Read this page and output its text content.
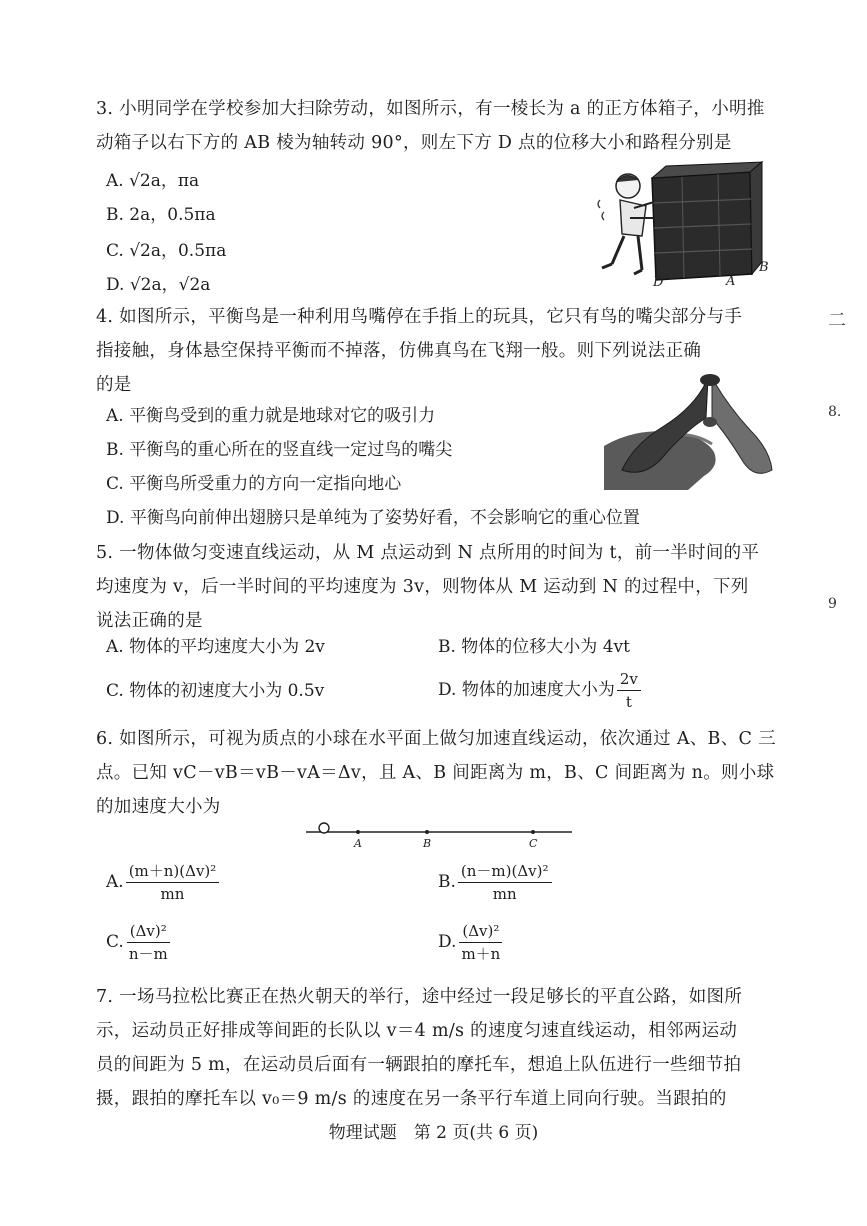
3. 小明同学在学校参加大扫除劳动，如图所示，有一棱长为 a 的正方体箱子，小明推

动箱子以右下方的 AB 棱为轴转动 90°，则左下方 D 点的位移大小和路程分别是

A. √2a，πa
B. 2a，0.5πa
C. √2a，0.5πa
D. √2a，√2a	D	A
B

4. 如图所示，平衡鸟是一种利用鸟嘴停在手指上的玩具，它只有鸟的嘴尖部分与手

指接触，身体悬空保持平衡而不掉落，仿佛真鸟在飞翔一般。则下列说法正确

的是

A. 平衡鸟受到的重力就是地球对它的吸引力
B. 平衡鸟的重心所在的竖直线一定过鸟的嘴尖
C. 平衡鸟所受重力的方向一定指向地心
D. 平衡鸟向前伸出翅膀只是单纯为了姿势好看，不会影响它的重心位置

5. 一物体做匀变速直线运动，从 M 点运动到 N 点所用的时间为 t，前一半时间的平

均速度为 v，后一半时间的平均速度为 3v，则物体从 M 运动到 N 的过程中，下列

说法正确的是

A. 物体的平均速度大小为 2v	B. 物体的位移大小为 4vt
C. 物体的初速度大小为 0.5v	D. 物体的加速度大小为 $\frac{2v}{t}$

6. 如图所示，可视为质点的小球在水平面上做匀加速直线运动，依次通过 A、B、C 三

点。已知 vC－vB＝vB－vA＝Δv，且 A、B 间距离为 m，B、C 间距离为 n。则小球

的加速度大小为

A	B	C
A. $\frac{\text{(m＋n)(Δv)²}}{mn}$	B. $\frac{\text{(n－m)(Δv)²}}{mn}$
C. $\frac{\text{(Δv)²}}{n-m}$	D. $\frac{\text{(Δv)²}}{m+n}$

7. 一场马拉松比赛正在热火朝天的举行，途中经过一段足够长的平直公路，如图所

示，运动员正好排成等间距的长队以 v＝4 m/s 的速度匀速直线运动，相邻两运动

员的间距为 5 m，在运动员后面有一辆跟拍的摩托车，想追上队伍进行一些细节拍

摄，跟拍的摩托车以 v₀＝9 m/s 的速度在另一条平行车道上同向行驶。当跟拍的

物理试题　第 2 页(共 6 页)
二
8.
9
